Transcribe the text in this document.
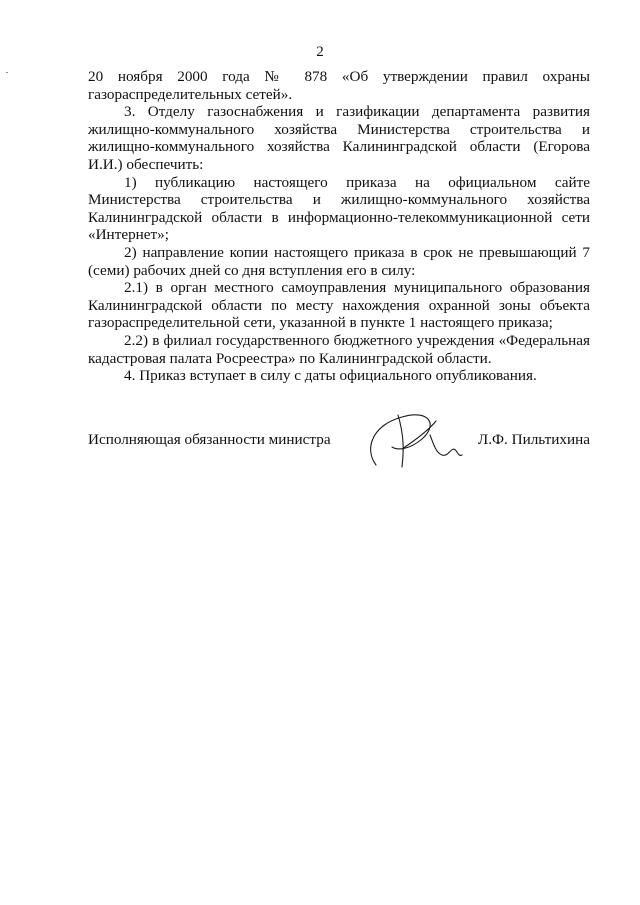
2

20 ноября 2000 года № 878 «Об утверждении правил охраны газораспределительных сетей».

3. Отделу газоснабжения и газификации департамента развития жилищно-коммунального хозяйства Министерства строительства и жилищно-коммунального хозяйства Калининградской области (Егорова И.И.) обеспечить:

1) публикацию настоящего приказа на официальном сайте Министерства строительства и жилищно-коммунального хозяйства Калининградской области в информационно-телекоммуникационной сети «Интернет»;

2) направление копии настоящего приказа в срок не превышающий 7 (семи) рабочих дней со дня вступления его в силу:

2.1) в орган местного самоуправления муниципального образования Калининградской области по месту нахождения охранной зоны объекта газораспределительной сети, указанной в пункте 1 настоящего приказа;

2.2) в филиал государственного бюджетного учреждения «Федеральная кадастровая палата Росреестра» по Калининградской области.

4. Приказ вступает в силу с даты официального опубликования.

Исполняющая обязанности министра	Л.Ф. Пильтихина
